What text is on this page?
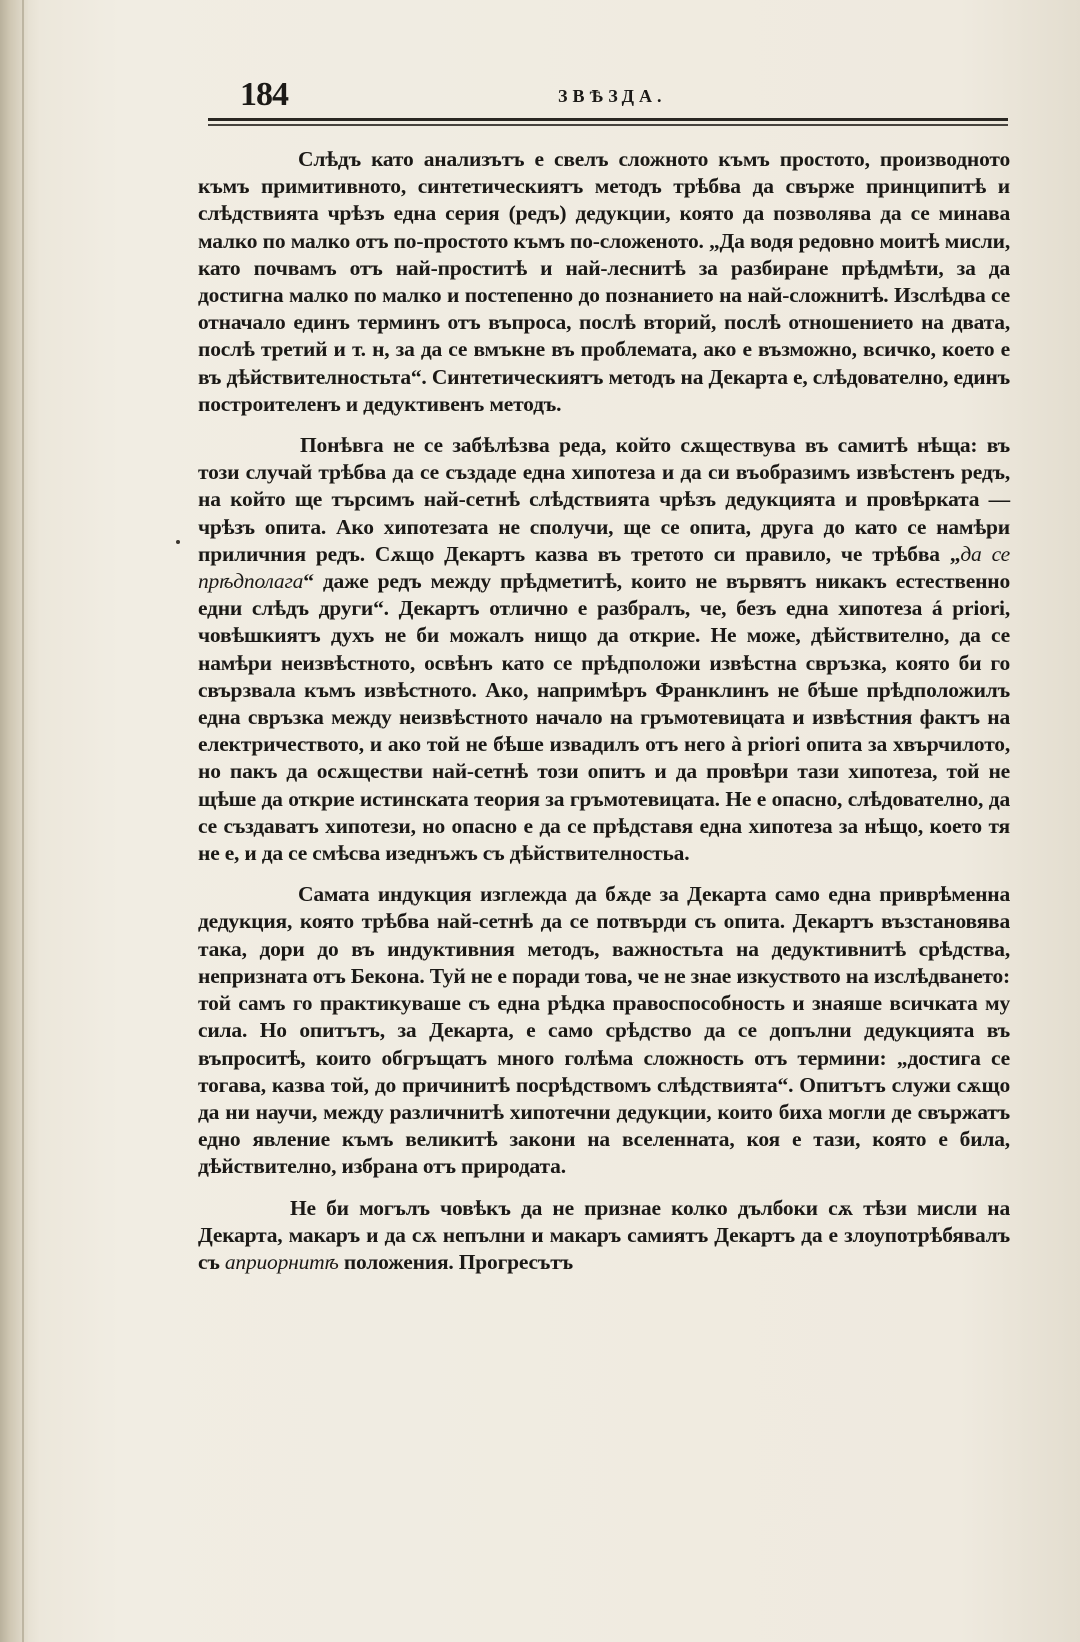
184	ЗВѢЗДА.

Слѣдъ като анализътъ е свелъ сложното къмъ простото, производното къмъ примитивното, синтетическиятъ методъ трѣбва да свърже принципитѣ и слѣдствията чрѣзъ една серия (редъ) дедукции, която да позволява да се минава малко по малко отъ по-простото къмъ по-сложеното. „Да водя редовно моитѣ мисли, като почвамъ отъ най-проститѣ и най-леснитѣ за разбиране прѣдмѣти, за да достигна малко по малко и постепенно до познанието на най-сложнитѣ. Изслѣдва се отначало единъ терминъ отъ въпроса, послѣ вторий, послѣ отношението на двата, послѣ третий и т. н, за да се вмъкне въ проблемата, ако е възможно, всичко, което е въ дѣйствителностьта“. Синтетическиятъ методъ на Декарта е, слѣдователно, единъ построителенъ и дедуктивенъ методъ.

Понѣвга не се забѣлѣзва реда, който сѫществува въ самитѣ нѣща: въ този случай трѣбва да се създаде една хипотеза и да си въобразимъ извѣстенъ редъ, на който ще търсимъ най-сетнѣ слѣдствията чрѣзъ дедукцията и провѣрката — чрѣзъ опита. Ако хипотезата не сполучи, ще се опита, друга до като се намѣри приличния редъ. Сѫщо Декартъ казва въ третото си правило, че трѣбва „да се прѣдполага“ даже редъ между прѣдметитѣ, които не вървятъ никакъ естественно едни слѣдъ други“. Декартъ отлично е разбралъ, че, безъ една хипотеза á priori, човѣшкиятъ духъ не би можалъ нищо да открие. Не може, дѣйствително, да се намѣри неизвѣстното, освѣнъ като се прѣдположи извѣстна свръзка, която би го свързвала къмъ извѣстното. Ако, напримѣръ Франклинъ не бѣше прѣдположилъ една свръзка между неизвѣстното начало на гръмотевицата и извѣстния фактъ на електричеството, и ако той не бѣше извадилъ отъ него à priori опита за хвърчилото, но пакъ да осѫществи най-сетнѣ този опитъ и да провѣри тази хипотеза, той не щѣше да открие истинската теория за гръмотевицата. Не е опасно, слѣдователно, да се създаватъ хипотези, но опасно е да се прѣдставя една хипотеза за нѣщо, което тя не е, и да се смѣсва изеднъжъ съ дѣйствителностьа.

Самата индукция изглежда да бѫде за Декарта само една приврѣменна дедукция, която трѣбва най-сетнѣ да се потвърди съ опита. Декартъ възстановява така, дори до въ индуктивния методъ, важностьта на дедуктивнитѣ срѣдства, непризната отъ Бекона. Туй не е поради това, че не знае изкуството на изслѣдването: той самъ го практикуваше съ една рѣдка правоспособность и знаяше всичката му сила. Но опитътъ, за Декарта, е само срѣдство да се допълни дедукцията въ въпроситѣ, които обгръщатъ много голѣма сложность отъ термини: „достига се тогава, казва той, до причинитѣ посрѣдствомъ слѣдствията“. Опитътъ служи сѫщо да ни научи, между различнитѣ хипотечни дедукции, които биха могли де свържатъ едно явление къмъ великитѣ закони на вселенната, коя е тази, която е била, дѣйствително, избрана отъ природата.

Не би могълъ човѣкъ да не признае колко дълбоки сѫ тѣзи мисли на Декарта, макаръ и да сѫ непълни и макаръ самиятъ Декартъ да е злоупотрѣбявалъ съ априорнитѣ положения. Прогресътъ
